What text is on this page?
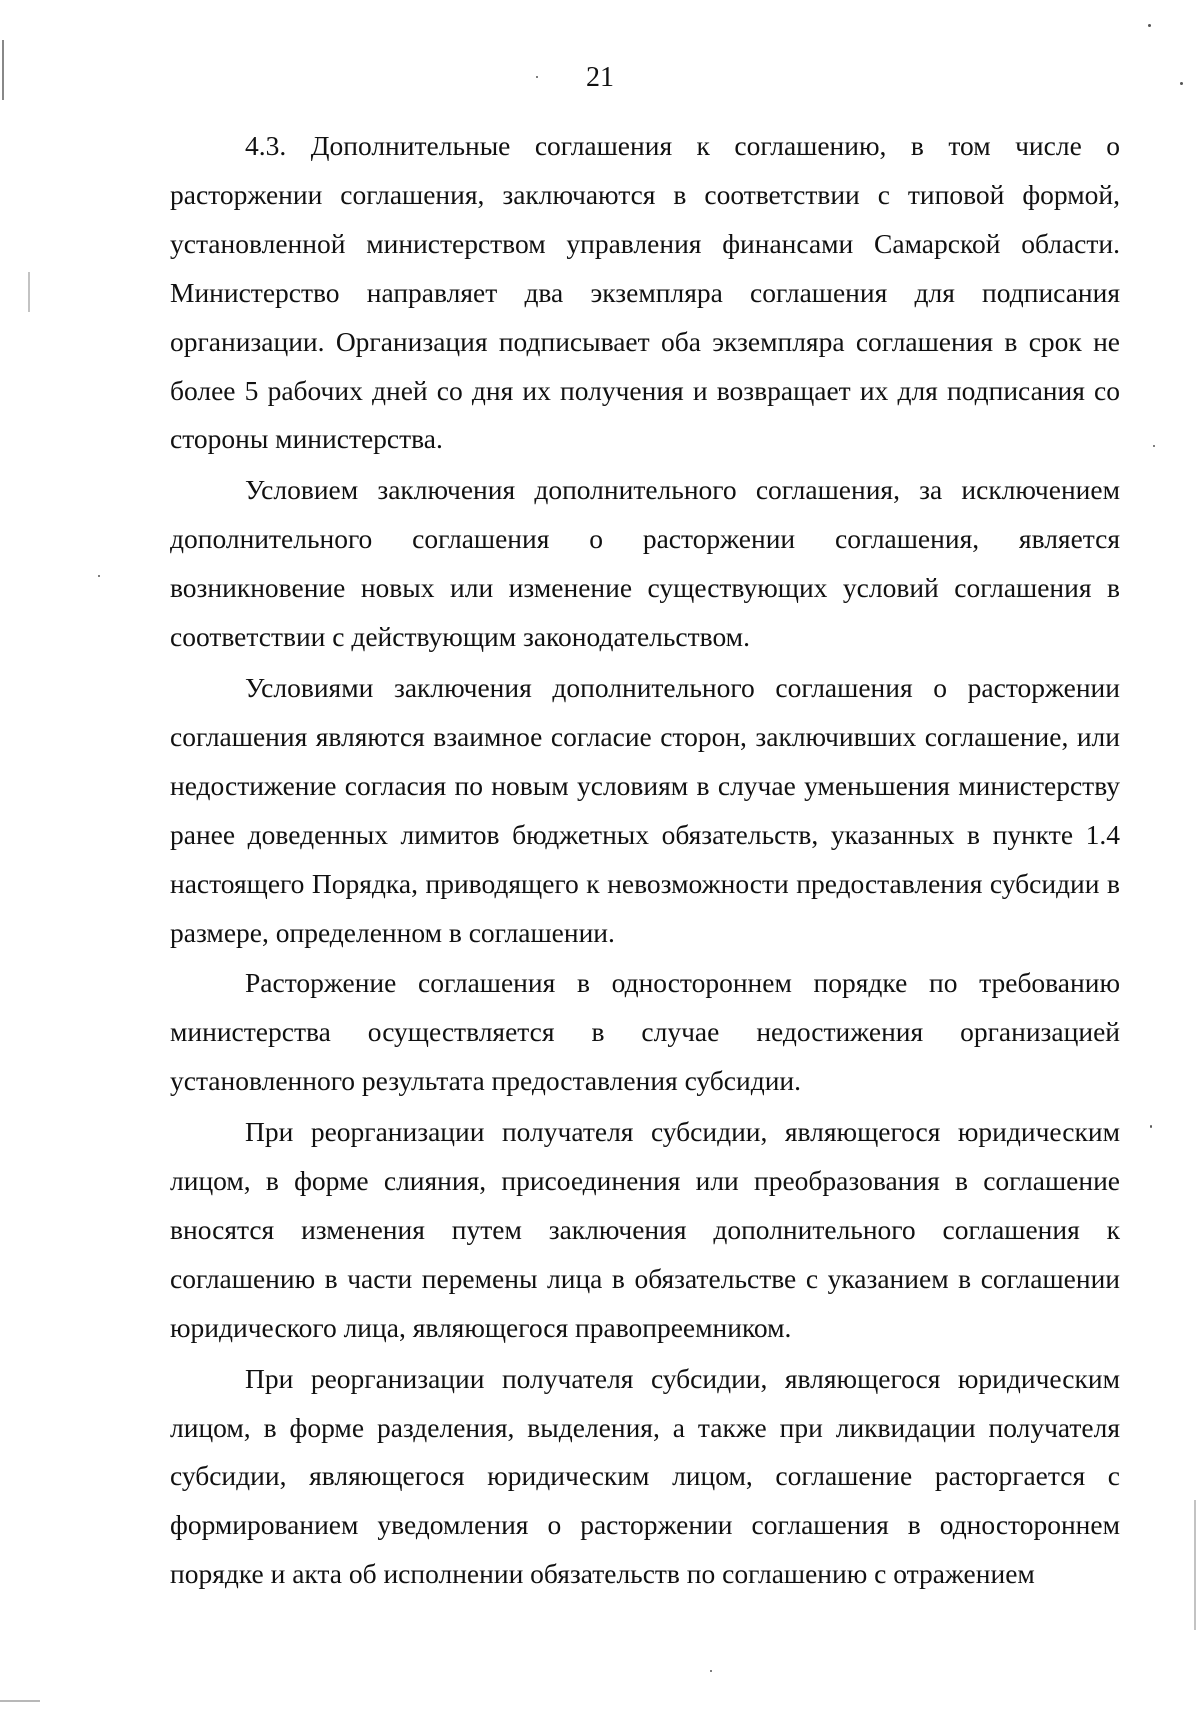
21

4.3. Дополнительные соглашения к соглашению, в том числе о расторжении соглашения, заключаются в соответствии с типовой формой, установленной министерством управления финансами Самарской области. Министерство направляет два экземпляра соглашения для подписания организации. Организация подписывает оба экземпляра соглашения в срок не более 5 рабочих дней со дня их получения и возвращает их для подписания со стороны министерства.

Условием заключения дополнительного соглашения, за исключением дополнительного соглашения о расторжении соглашения, является возникновение новых или изменение существующих условий соглашения в соответствии с действующим законодательством.

Условиями заключения дополнительного соглашения о расторжении соглашения являются взаимное согласие сторон, заключивших соглашение, или недостижение согласия по новым условиям в случае уменьшения министерству ранее доведенных лимитов бюджетных обязательств, указанных в пункте 1.4 настоящего Порядка, приводящего к невозможности предоставления субсидии в размере, определенном в соглашении.

Расторжение соглашения в одностороннем порядке по требованию министерства осуществляется в случае недостижения организацией установленного результата предоставления субсидии.

При реорганизации получателя субсидии, являющегося юридическим лицом, в форме слияния, присоединения или преобразования в соглашение вносятся изменения путем заключения дополнительного соглашения к соглашению в части перемены лица в обязательстве с указанием в соглашении юридического лица, являющегося правопреемником.

При реорганизации получателя субсидии, являющегося юридическим лицом, в форме разделения, выделения, а также при ликвидации получателя субсидии, являющегося юридическим лицом, соглашение расторгается с формированием уведомления о расторжении соглашения в одностороннем порядке и акта об исполнении обязательств по соглашению с отражением
